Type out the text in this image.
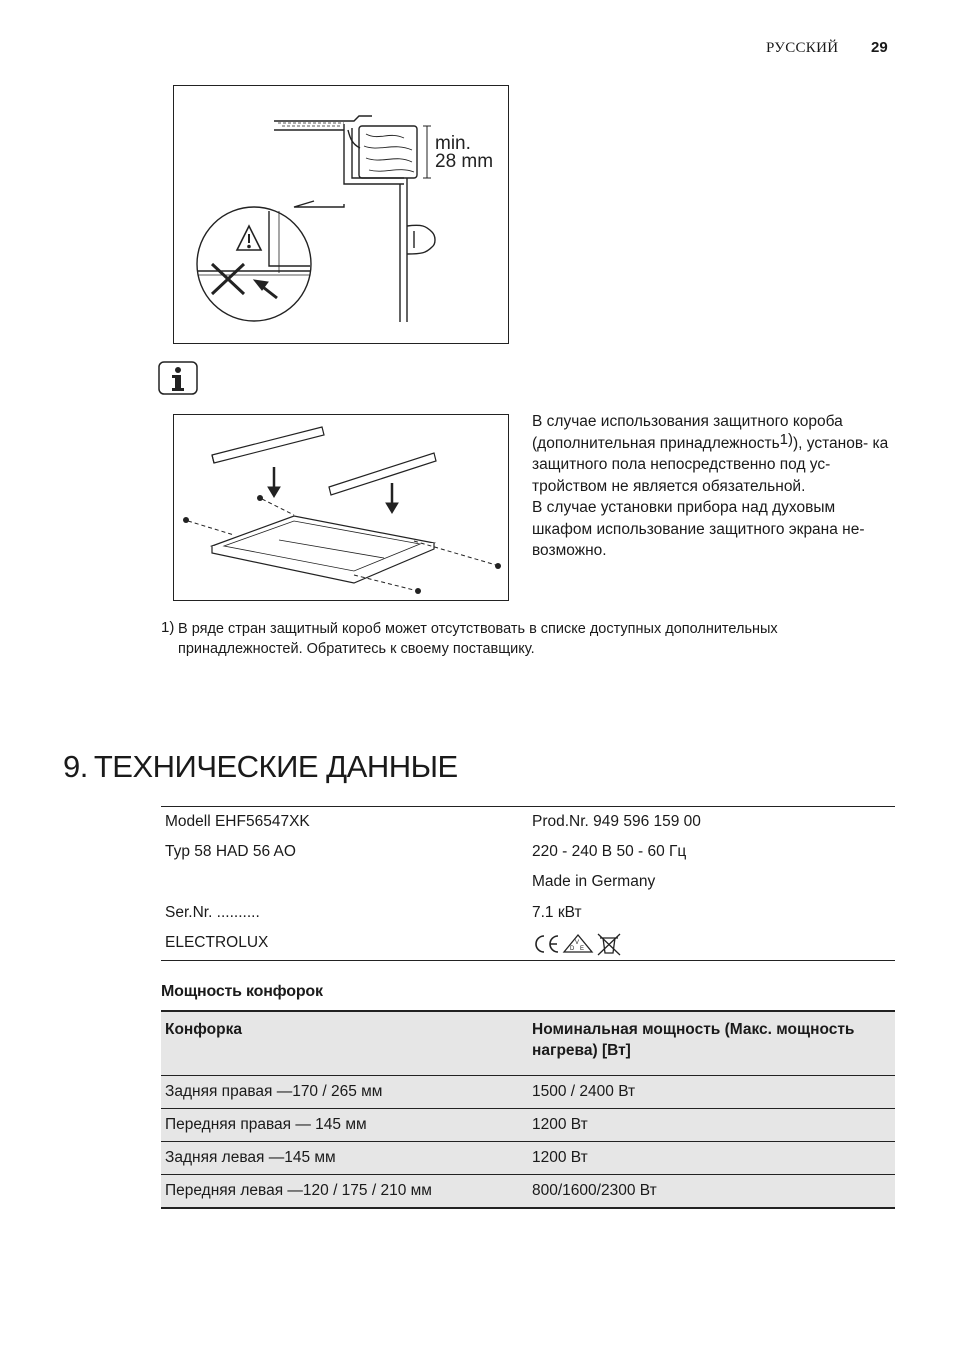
РУССКИЙ 29
min.
28 mm

В случае использования защитного короба
(дополнительная принадлежность$^{1)}$), установ- ка защитного пола непосредственно под ус-тройством не является обязательной.

В случае установки прибора над духовым шкафом использование защитного экрана не-возможно.

1) В ряде стран защитный короб может отсутствовать в списке доступных дополнительных принадлежностей. Обратитесь к своему поставщику.
9. ТЕХНИЧЕСКИЕ ДАННЫЕ
Modell EHF56547XK	Prod.Nr. 949 596 159 00
Typ 58 HAD 56 AO	220 - 240 В 50 - 60 Гц
Made in Germany
Ser.Nr. ..........	7.1 кВт
ELECTROLUX	V
D E
Мощность конфорок
Конфорка	Номинальная мощность (Макс. мощность нагрева) [Вт]
Задняя правая —170 / 265 мм	1500 / 2400 Вт
Передняя правая — 145 мм	1200 Вт
Задняя левая —145 мм	1200 Вт
Передняя левая —120 / 175 / 210 мм	800/1600/2300 Вт
